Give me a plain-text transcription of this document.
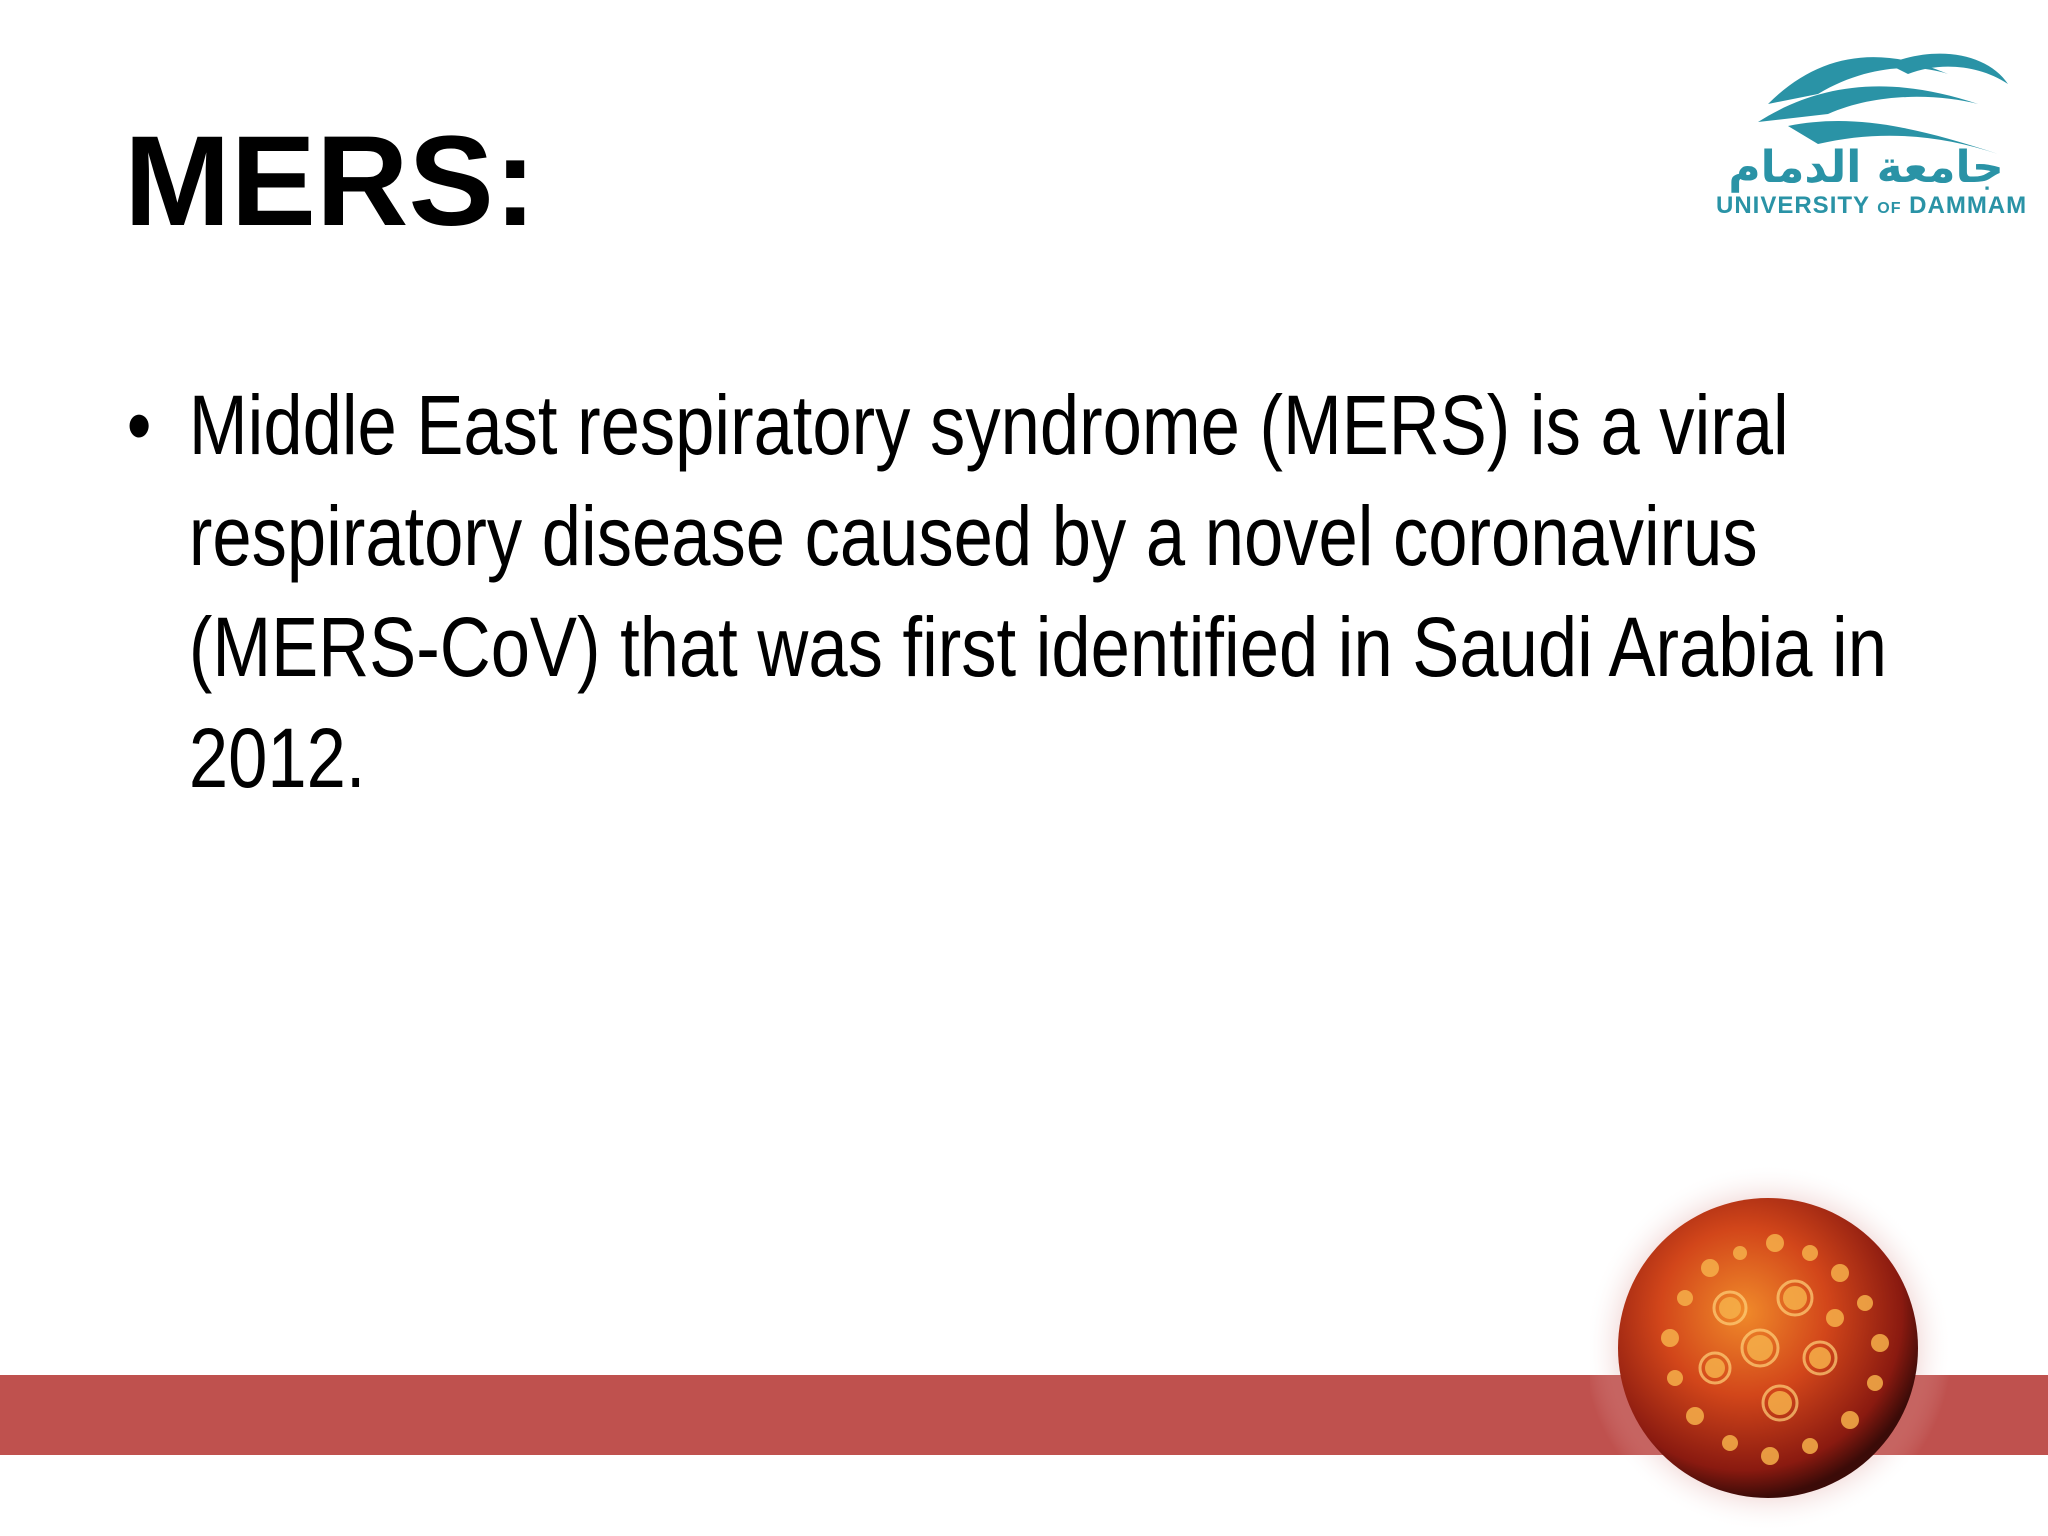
MERS:	جامعة الدمام
UNIVERSITY OF DAMMAM
• Middle East respiratory syndrome (MERS) is a viral respiratory disease caused by a novel coronavirus (MERS-CoV) that was first identified in Saudi Arabia in 2012.
